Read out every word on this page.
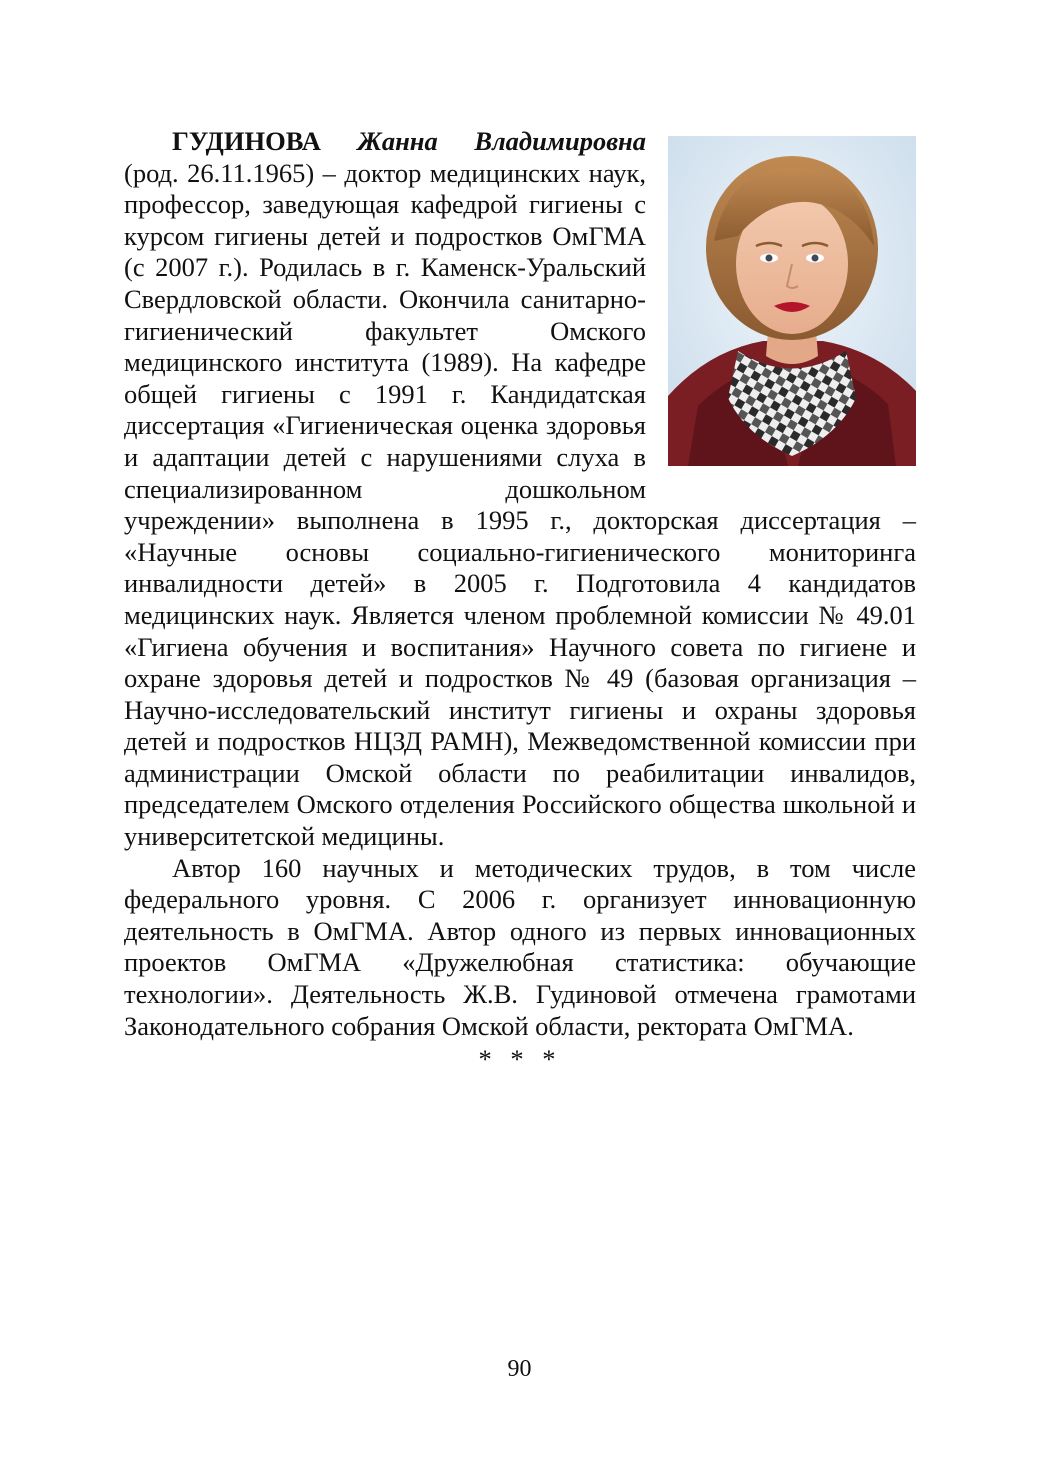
ГУДИНОВА Жанна Владимировна (род. 26.11.1965) – доктор медицинских наук, профессор, заведующая кафедрой гигиены с курсом гигиены детей и подростков ОмГМА (с 2007 г.). Родилась в г. Каменск-Уральский Свердловской области. Окончила санитарно-гигиенический факультет Омского медицинского института (1989). На кафедре общей гигиены с 1991 г. Кандидатская диссертация «Гигиеническая оценка здоровья и адаптации детей с нарушениями слуха в специализированном дошкольном учреждении» выполнена в 1995 г., докторская диссертация – «Научные основы социально-гигиенического мониторинга инвалидности детей» в 2005 г. Подготовила 4 кандидатов медицинских наук. Является членом проблемной комиссии № 49.01 «Гигиена обучения и воспитания» Научного совета по гигиене и охране здоровья детей и подростков № 49 (базовая организация – Научно-исследовательский институт гигиены и охраны здоровья детей и подростков НЦЗД РАМН), Межведомственной комиссии при администрации Омской области по реабилитации инвалидов, председателем Омского отделения Российского общества школьной и университетской медицины.

Автор 160 научных и методических трудов, в том числе федерального уровня. С 2006 г. организует инновационную деятельность в ОмГМА. Автор одного из первых инновационных проектов ОмГМА «Дружелюбная статистика: обучающие технологии». Деятельность Ж.В. Гудиновой отмечена грамотами Законодательного собрания Омской области, ректората ОмГМА.

* * *

90
